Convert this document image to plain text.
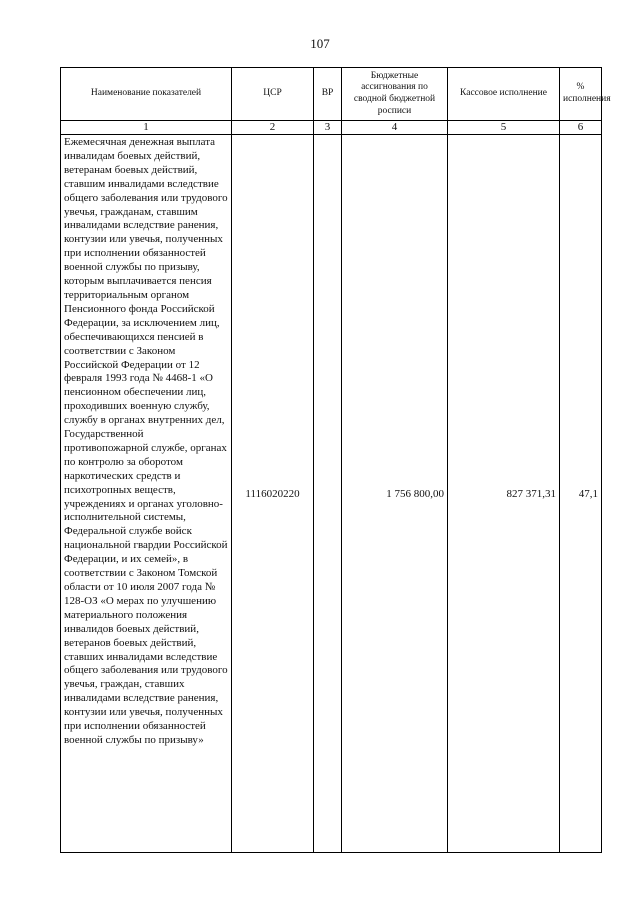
107
Наименование показателей	ЦСР	ВР	Бюджетные ассигнования по сводной бюджетной росписи	Кассовое исполнение	% исполнения
1	2	3	4	5	6
Ежемесячная денежная выплата инвалидам боевых действий, ветеранам боевых действий, ставшим инвалидами вследствие общего заболевания или трудового увечья, гражданам, ставшим инвалидами вследствие ранения, контузии или увечья, полученных при исполнении обязанностей военной службы по призыву, которым выплачивается пенсия территориальным органом Пенсионного фонда Российской Федерации, за исключением лиц, обеспечивающихся пенсией в соответствии с Законом Российской Федерации от 12 февраля 1993 года № 4468-1 «О пенсионном обеспечении лиц, проходивших военную службу, службу в органах внутренних дел, Государственной противопожарной службе, органах по контролю за оборотом наркотических средств и психотропных веществ, учреждениях и органах уголовно-исполнительной системы, Федеральной службе войск национальной гвардии Российской Федерации, и их семей», в соответствии с Законом Томской области от 10 июля 2007 года № 128-ОЗ «О мерах по улучшению материального положения инвалидов боевых действий, ветеранов боевых действий, ставших инвалидами вследствие общего заболевания или трудового увечья, граждан, ставших инвалидами вследствие ранения, контузии или увечья, полученных при исполнении обязанностей военной службы по призыву»	1116020220		1 756 800,00	827 371,31	47,1
